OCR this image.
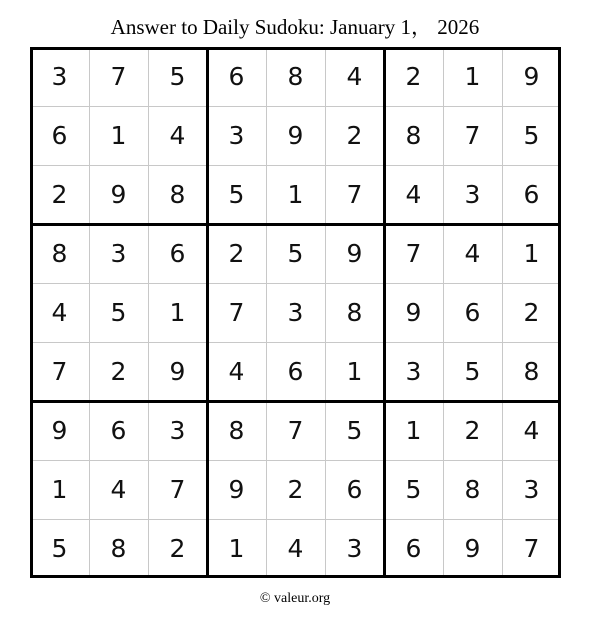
Answer to Daily Sudoku: January 1， 2026
3	7	5	6	8	4	2	1	9
6	1	4	3	9	2	8	7	5
2	9	8	5	1	7	4	3	6
8	3	6	2	5	9	7	4	1
4	5	1	7	3	8	9	6	2
7	2	9	4	6	1	3	5	8
9	6	3	8	7	5	1	2	4
1	4	7	9	2	6	5	8	3
5	8	2	1	4	3	6	9	7
© valeur.org
